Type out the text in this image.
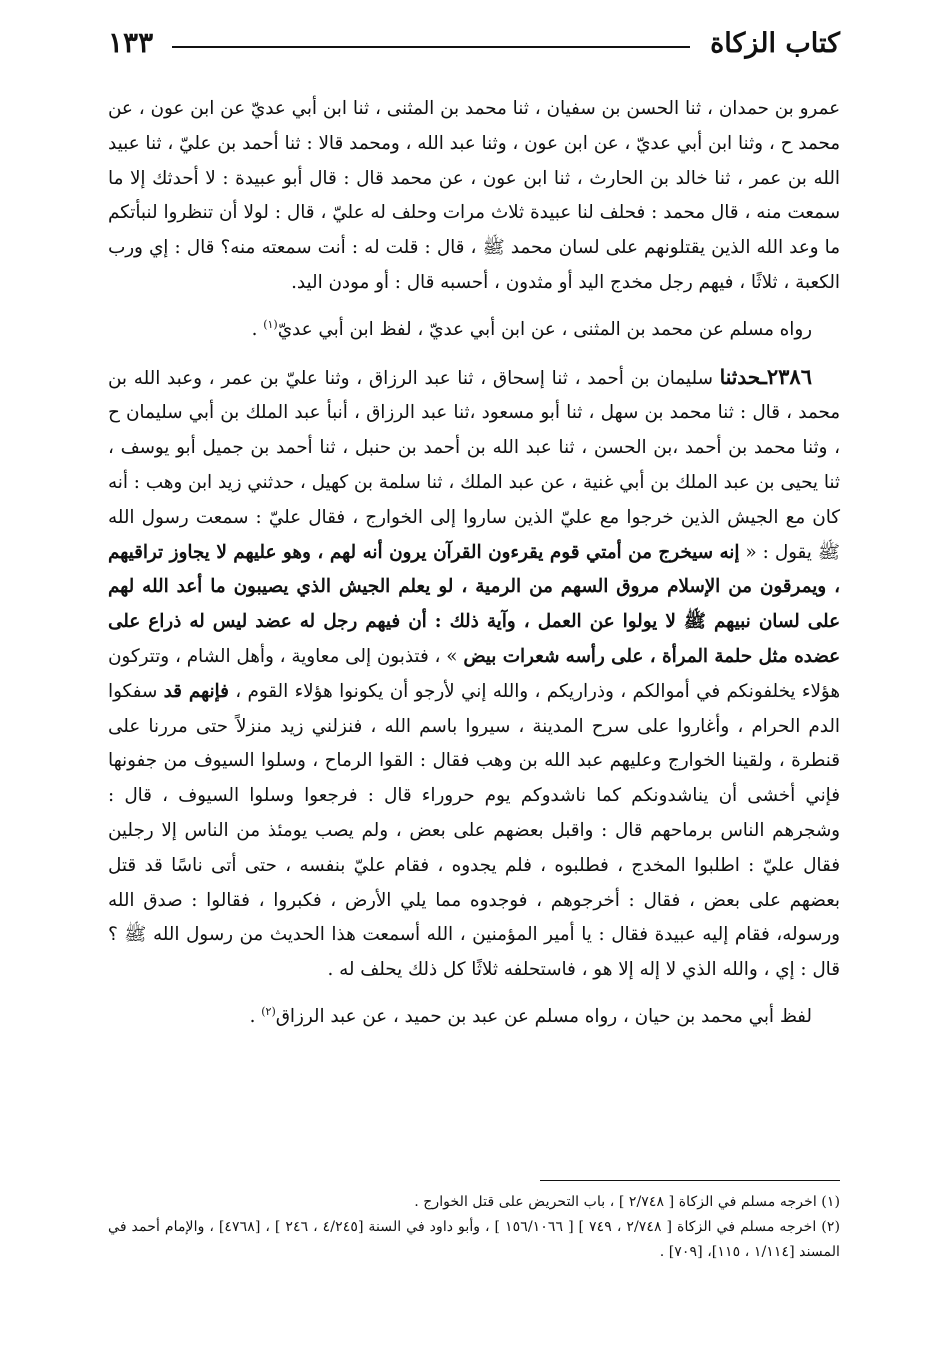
كتاب الزكاة
١٣٣

عمرو بن حمدان ، ثنا الحسن بن سفيان ، ثنا محمد بن المثنى ، ثنا ابن أبي عديّ عن ابن عون ، عن محمد ح ، وثنا ابن أبي عديّ ، عن ابن عون ، وثنا عبد الله ، ومحمد قالا : ثنا أحمد بن عليّ ، ثنا عبيد الله بن عمر ، ثنا خالد بن الحارث ، ثنا ابن عون ، عن محمد قال : قال أبو عبيدة : لا أحدثك إلا ما سمعت منه ، قال محمد : فحلف لنا عبيدة ثلاث مرات وحلف له عليّ ، قال : لولا أن تنظروا لنبأتكم ما وعد الله الذين يقتلونهم على لسان محمد ﷺ ، قال : قلت له : أنت سمعته منه؟ قال : إي ورب الكعبة ، ثلاثًا ، فيهم رجل مخدج اليد أو مثدون ، أحسبه قال : أو مودن اليد.

رواه مسلم عن محمد بن المثنى ، عن ابن أبي عديّ ، لفظ ابن أبي عديّ$^{(١)}$ .

٢٣٨٦ـحدثنا سليمان بن أحمد ، ثنا إسحاق ، ثنا عبد الرزاق ، وثنا عليّ بن عمر ، وعبد الله بن محمد ، قال : ثنا محمد بن سهل ، ثنا أبو مسعود ،ثنا عبد الرزاق ، أنبأ عبد الملك بن أبي سليمان ح ، وثنا محمد بن أحمد ،بن الحسن ، ثنا عبد الله بن أحمد بن حنبل ، ثنا أحمد بن جميل أبو يوسف ، ثنا يحيى بن عبد الملك بن أبي غنية ، عن عبد الملك ، ثنا سلمة بن كهيل ، حدثني زيد ابن وهب : أنه كان مع الجيش الذين خرجوا مع عليّ الذين ساروا إلى الخوارج ، فقال عليّ : سمعت رسول الله ﷺ يقول : « إنه سيخرج من أمتي قوم يقرءون القرآن يرون أنه لهم ، وهو عليهم لا يجاوز تراقيهم ، ويمرقون من الإسلام مروق السهم من الرمية ، لو يعلم الجيش الذي يصيبون ما أعد الله لهم على لسان نبيهم ﷺ لا يولوا عن العمل ، وآية ذلك : أن فيهم رجل له عضد ليس له ذراع على عضده مثل حلمة المرأة ، على رأسه شعرات بيض » ، فتذبون إلى معاوية ، وأهل الشام ، وتتركون هؤلاء يخلفونكم في أموالكم ، وذراريكم ، والله إني لأرجو أن يكونوا هؤلاء القوم ، فإنهم قد سفكوا الدم الحرام ، وأغاروا على سرح المدينة ، سيروا باسم الله ، فنزلني زيد منزلاً حتى مررنا على قنطرة ، ولقينا الخوارج وعليهم عبد الله بن وهب فقال : القوا الرماح ، وسلوا السيوف من جفونها فإني أخشى أن يناشدونكم كما ناشدوكم يوم حروراء قال : فرجعوا وسلوا السيوف ، قال : وشجرهم الناس برماحهم قال : واقبل بعضهم على بعض ، ولم يصب يومئذ من الناس إلا رجلين فقال عليّ : اطلبوا المخدج ، فطلبوه ، فلم يجدوه ، فقام عليّ بنفسه ، حتى أتى ناسًا قد قتل بعضهم على بعض ، فقال : أخرجوهم ، فوجدوه مما يلي الأرض ، فكبروا ، فقالوا : صدق الله ورسوله، فقام إليه عبيدة فقال : يا أمير المؤمنين ، الله أسمعت هذا الحديث من رسول الله ﷺ ؟ قال : إي ، والله الذي لا إله إلا هو ، فاستحلفه ثلاثًا كل ذلك يحلف له .

لفظ أبي محمد بن حيان ، رواه مسلم عن عبد بن حميد ، عن عبد الرزاق$^{(٢)}$ .

(١) اخرجه مسلم في الزكاة [ ٢/٧٤٨ ] ، باب التحريض على قتل الخوارج .

(٢) اخرجه مسلم في الزكاة [ ٢/٧٤٨ ، ٧٤٩ ] [ ١٥٦/١٠٦٦ ] ، وأبو داود في السنة [٤/٢٤٥ ، ٢٤٦ ] ، [٤٧٦٨] ، والإمام أحمد في المسند [١/١١٤ ، ١١٥]، [٧٠٩] .
